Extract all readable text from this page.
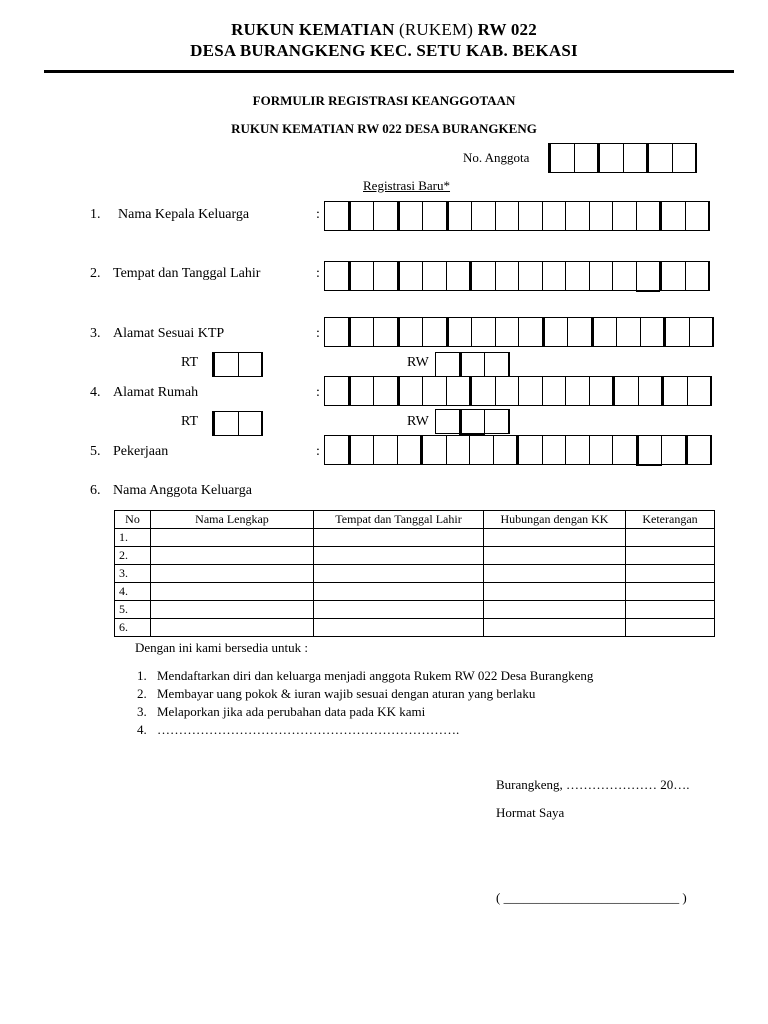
RUKUN KEMATIAN (RUKEM) RW 022
DESA BURANGKENG KEC. SETU KAB. BEKASI
FORMULIR REGISTRASI KEANGGOTAAN
RUKUN KEMATIAN RW 022 DESA BURANGKENG
No. Anggota
Registrasi Baru*
1. Nama Kepala Keluarga	:
2. Tempat dan Tanggal Lahir	:
3. Alamat Sesuai KTP	:
RT	RW
4. Alamat Rumah	:
RT	RW
5. Pekerjaan	:
6. Nama Anggota Keluarga
No	Nama Lengkap	Tempat dan Tanggal Lahir	Hubungan dengan KK	Keterangan
1.				
2.				
3.				
4.				
5.				
6.				
Dengan ini kami bersedia untuk :
1. Mendaftarkan diri dan keluarga menjadi anggota Rukem RW 022 Desa Burangkeng
2. Membayar uang pokok & iuran wajib sesuai dengan aturan yang berlaku
3. Melaporkan jika ada perubahan data pada KK kami
4. …………………………………………………………….
Burangkeng, ………………… 20….
Hormat Saya
( ___________________________ )
